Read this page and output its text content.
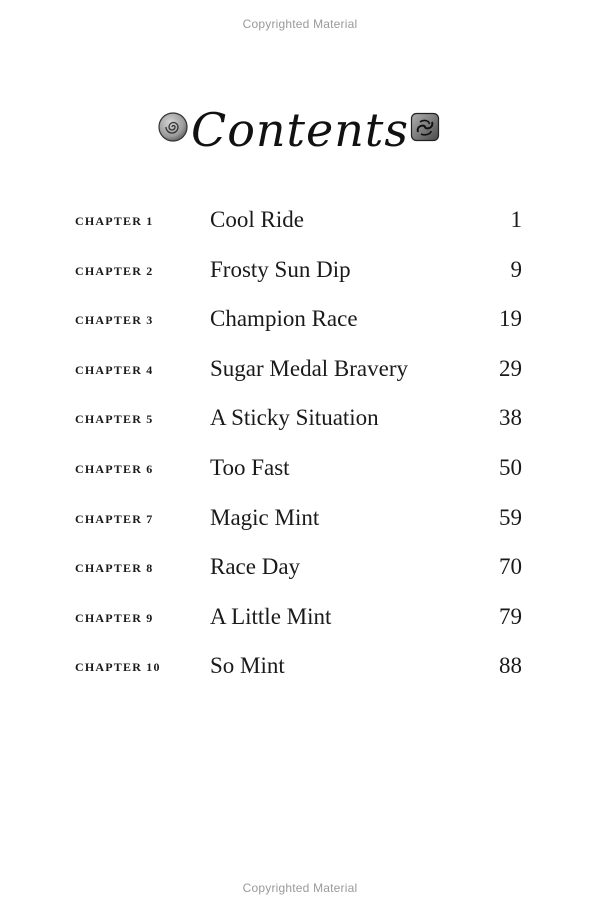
Copyrighted Material
Contents
CHAPTER 1 Cool Ride	1
CHAPTER 2 Frosty Sun Dip	9
CHAPTER 3 Champion Race	19
CHAPTER 4 Sugar Medal Bravery	29
CHAPTER 5 A Sticky Situation	38
CHAPTER 6 Too Fast	50
CHAPTER 7 Magic Mint	59
CHAPTER 8 Race Day	70
CHAPTER 9 A Little Mint	79
CHAPTER 10 So Mint	88
Copyrighted Material
